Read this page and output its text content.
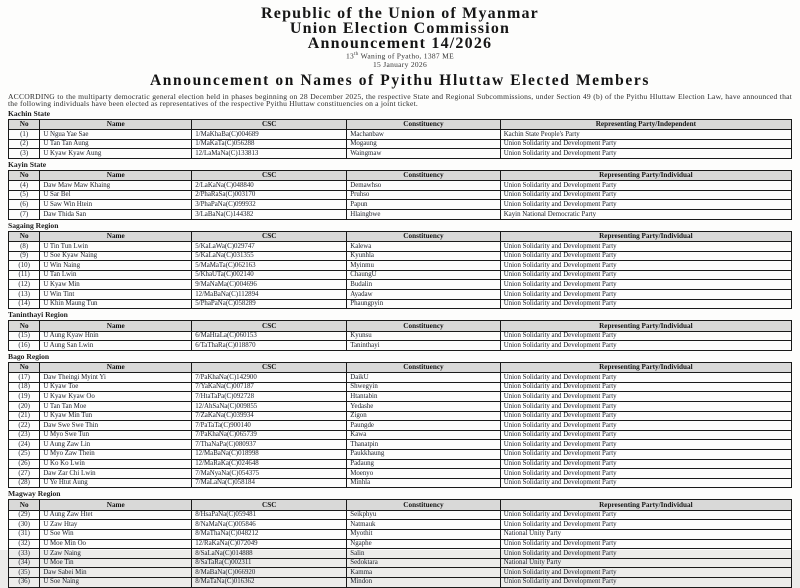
Republic of the Union of Myanmar
Union Election Commission
Announcement 14/2026
13th Waning of Pyatho, 1387 ME
15 January 2026
Announcement on Names of Pyithu Hluttaw Elected Members
ACCORDING to the multiparty democratic general election held in phases beginning on 28 December 2025, the respective State and Regional Subcommissions, under Section 49 (b) of the Pyithu Hluttaw Election Law, have announced that the following individuals have been elected as representatives of the respective Pyithu Hluttaw constituencies on a joint ticket.
Kachin State
No	Name	CSC	Constituency	Representing Party/Independent
(1)	U Ngua Yae Sae	1/MaKhaBa(C)004689	Machanbaw	Kachin State People's Party
(2)	U Tan Tan Aung	1/MaKaTa(C)056288	Mogaung	Union Solidarity and Development Party
(3)	U Kyaw Kyaw Aung	12/LaMaNa(C)133813	Waingmaw	Union Solidarity and Development Party
Kayin State
No	Name	CSC	Constituency	Representing Party/Individual
(4)	Daw Maw Maw Khaing	2/LaKaNa(C)048840	Demawhso	Union Solidarity and Development Party
(5)	U Sar Bel	2/PhaRaSa(C)003170	Pruhso	Union Solidarity and Development Party
(6)	U Saw Win Htein	3/PhaPaNa(C)099932	Papun	Union Solidarity and Development Party
(7)	Daw Thida San	3/LaBaNa(C)144382	Hlaingbwe	Kayin National Democratic Party
Sagaing Region
No	Name	CSC	Constituency	Representing Party/Individual
(8)	U Tin Tun Lwin	5/KaLaWa(C)029747	Kalewa	Union Solidarity and Development Party
(9)	U Soe Kyaw Naing	5/KaLaNa(C)031355	Kyunhla	Union Solidarity and Development Party
(10)	U Win Naing	5/MaMaTa(C)062163	Myinmu	Union Solidarity and Development Party
(11)	U Tan Lwin	5/KhaUTa(C)002140	ChaungU	Union Solidarity and Development Party
(12)	U Kyaw Min	9/MaNaMa(C)004696	Budalin	Union Solidarity and Development Party
(13)	U Win Tint	12/MaBaNa(C)112894	Ayadaw	Union Solidarity and Development Party
(14)	U Khin Maung Tun	5/PhaPaNa(C)058289	Phaungpyin	Union Solidarity and Development Party
Taninthayi Region
No	Name	CSC	Constituency	Representing Party/Individual
(15)	U Aung Kyaw Hnin	6/MaHtaLa(C)060153	Kyunsu	Union Solidarity and Development Party
(16)	U Aung San Lwin	6/TaThaRa(C)018870	Taninthayi	Union Solidarity and Development Party
Bago Region
No	Name	CSC	Constituency	Representing Party/Individual
(17)	Daw Theingi Myint Yi	7/PaKhaNa(C)142900	DaikU	Union Solidarity and Development Party
(18)	U Kyaw Toe	7/YaKaNa(C)007187	Shwegyin	Union Solidarity and Development Party
(19)	U Kyaw Kyaw Oo	7/HtaTaPa(C)092728	Htantabin	Union Solidarity and Development Party
(20)	U Tan Tan Moe	12/AhSaNa(C)009855	Yedashe	Union Solidarity and Development Party
(21)	U Kyaw Min Tun	7/ZaKaNa(C)039934	Zigon	Union Solidarity and Development Party
(22)	Daw Swe Swe Thin	7/PaTaTa(C)900140	Paungde	Union Solidarity and Development Party
(23)	U Myo Swe Tun	7/PaKhaNa(C)065739	Kawa	Union Solidarity and Development Party
(24)	U Aung Zaw Lin	7/ThaNaPa(C)080937	Thanatpin	Union Solidarity and Development Party
(25)	U Myo Zaw Thein	12/MaBaNa(C)018998	Paukkhaung	Union Solidarity and Development Party
(26)	U Ko Ko Lwin	12/MaRaKa(C)024648	Padaung	Union Solidarity and Development Party
(27)	Daw Zar Chi Lwin	7/MaNyaNa(C)054375	Moenyo	Union Solidarity and Development Party
(28)	U Ye Htut Aung	7/MaLaNa(C)058184	Minhla	Union Solidarity and Development Party
Magway Region
No	Name	CSC	Constituency	Representing Party/Individual
(29)	U Aung Zaw Htet	8/HsaPaNa(C)059481	Seikphyu	Union Solidarity and Development Party
(30)	U Zaw Htay	8/NaMaNa(C)005846	Natmauk	Union Solidarity and Development Party
(31)	U Soe Win	8/MaThaNa(C)048212	Myothit	National Unity Party
(32)	U Moe Min Oo	12/RaKaNa(C)072049	Ngaphe	Union Solidarity and Development Party
(33)	U Zaw Naing	8/SaLaNa(C)014888	Salin	Union Solidarity and Development Party
(34)	U Moe Tin	8/SaTaRa(C)002311	Sedoktara	National Unity Party
(35)	Daw Sabei Min	8/MaBaNa(C)066920	Kamma	Union Solidarity and Development Party
(36)	U Soe Naing	8/MaTaNa(C)016362	Mindon	Union Solidarity and Development Party
